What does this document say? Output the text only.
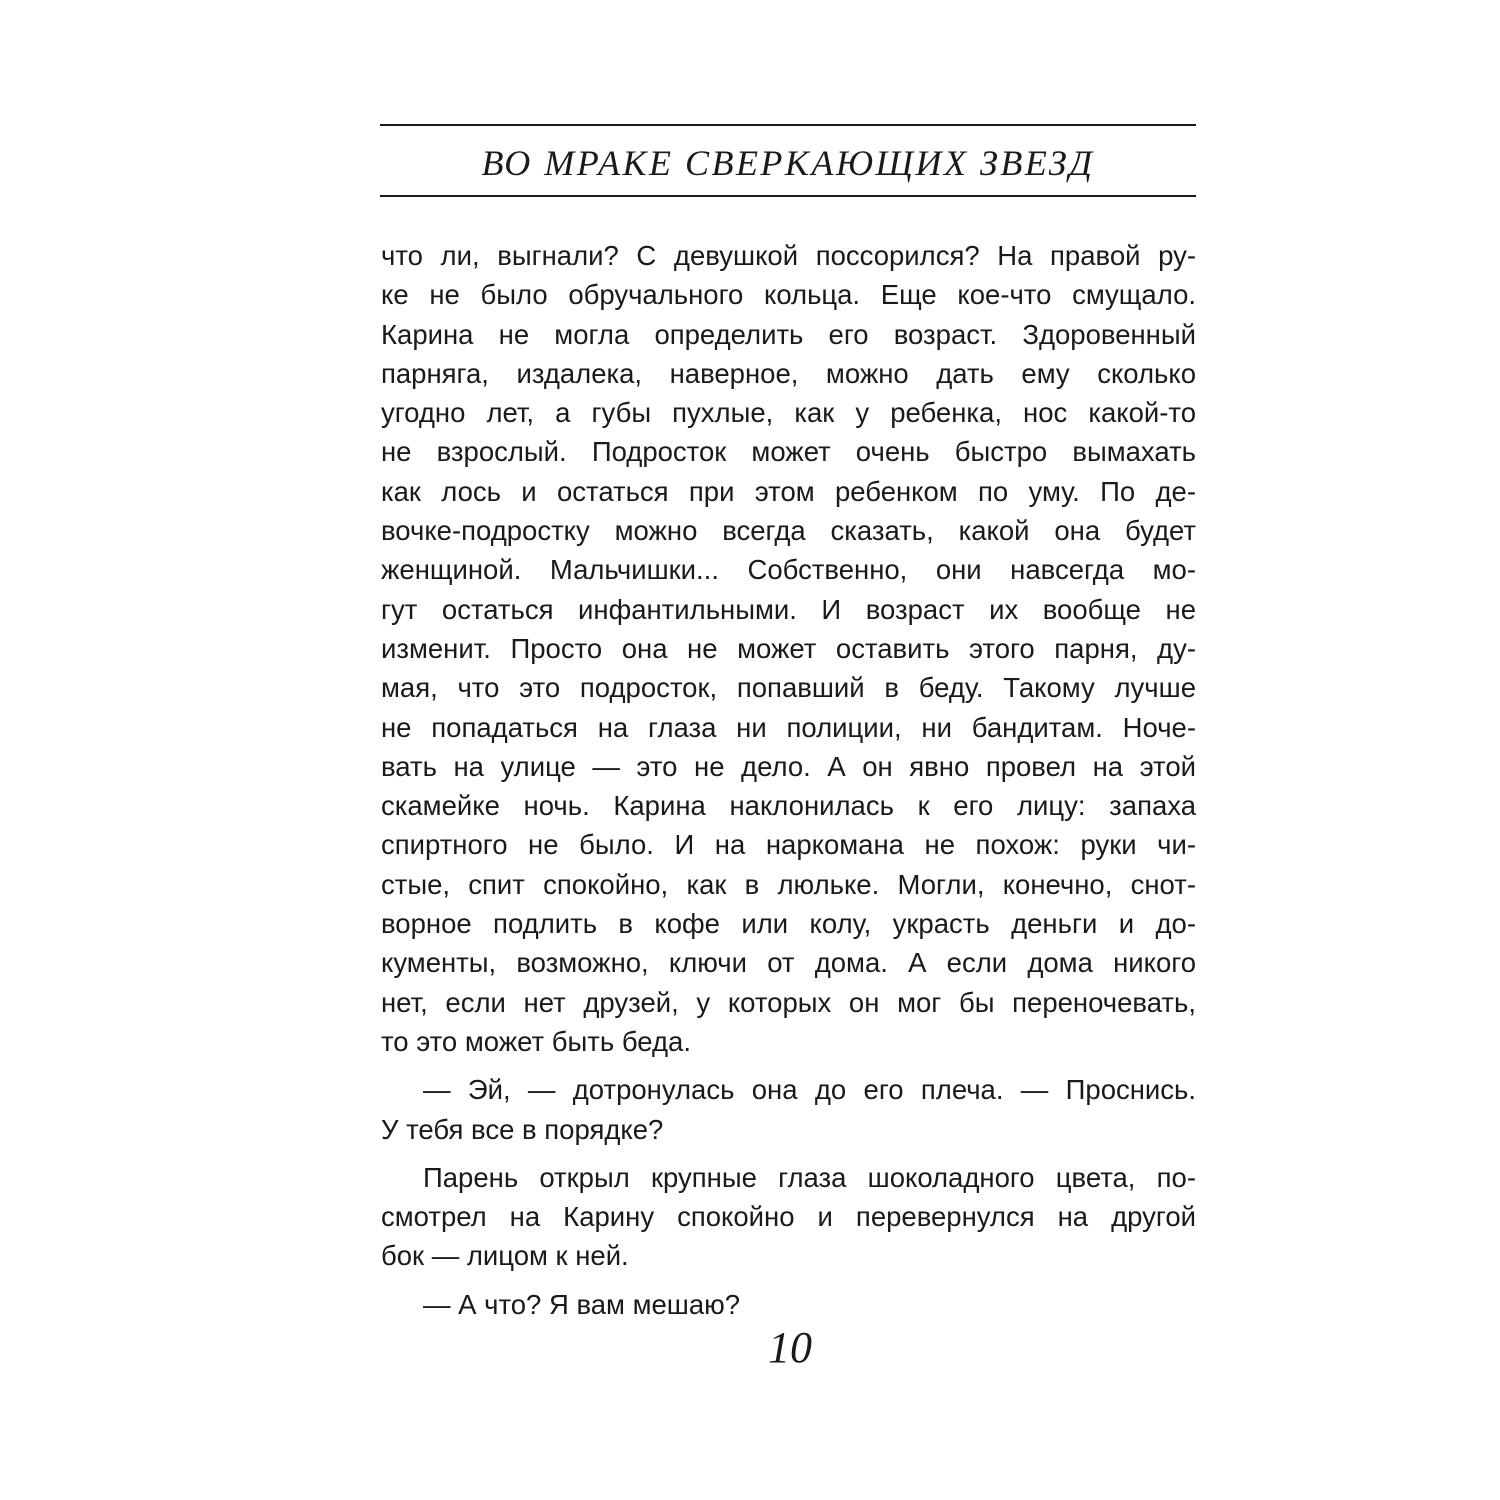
ВО МРАКЕ СВЕРКАЮЩИХ ЗВЕЗД
что ли, выгнали? С девушкой поссорился? На правой ру-
ке не было обручального кольца. Еще кое-что смущало.
Карина не могла определить его возраст. Здоровенный
парняга, издалека, наверное, можно дать ему сколько
угодно лет, а губы пухлые, как у ребенка, нос какой-то
не взрослый. Подросток может очень быстро вымахать
как лось и остаться при этом ребенком по уму. По де-
вочке-подростку можно всегда сказать, какой она будет
женщиной. Мальчишки... Собственно, они навсегда мо-
гут остаться инфантильными. И возраст их вообще не
изменит. Просто она не может оставить этого парня, ду-
мая, что это подросток, попавший в беду. Такому лучше
не попадаться на глаза ни полиции, ни бандитам. Ноче-
вать на улице — это не дело. А он явно провел на этой
скамейке ночь. Карина наклонилась к его лицу: запаха
спиртного не было. И на наркомана не похож: руки чи-
стые, спит спокойно, как в люльке. Могли, конечно, снот-
ворное подлить в кофе или колу, украсть деньги и до-
кументы, возможно, ключи от дома. А если дома никого
нет, если нет друзей, у которых он мог бы переночевать,
то это может быть беда.
— Эй, — дотронулась она до его плеча. — Проснись.
У тебя все в порядке?
Парень открыл крупные глаза шоколадного цвета, по-
смотрел на Карину спокойно и перевернулся на другой
бок — лицом к ней.
— А что? Я вам мешаю?
10
